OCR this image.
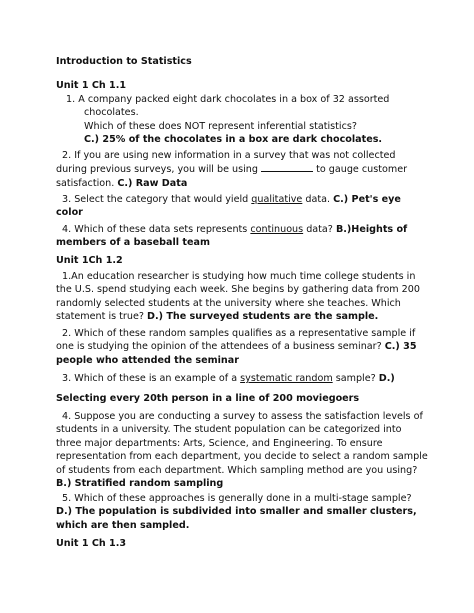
Introduction to Statistics

Unit 1 Ch 1.1

1. A company packed eight dark chocolates in a box of 32 assorted
chocolates.
Which of these does NOT represent inferential statistics?
C.) 25% of the chocolates in a box are dark chocolates.

2. If you are using new information in a survey that was not collected during previous surveys, you will be using	to gauge customer satisfaction. C.) Raw Data

3. Select the category that would yield qualitative data. C.) Pet's eye color

4. Which of these data sets represents continuous data? B.)Heights of members of a baseball team

Unit 1Ch 1.2

1.An education researcher is studying how much time college students in the U.S. spend studying each week. She begins by gathering data from 200 randomly selected students at the university where she teaches. Which statement is true? D.) The surveyed students are the sample.

2. Which of these random samples qualifies as a representative sample if one is studying the opinion of the attendees of a business seminar? C.) 35 people who attended the seminar

3. Which of these is an example of a systematic random sample? D.)

Selecting every 20th person in a line of 200 moviegoers

4. Suppose you are conducting a survey to assess the satisfaction levels of students in a university. The student population can be categorized into three major departments: Arts, Science, and Engineering. To ensure representation from each department, you decide to select a random sample of students from each department. Which sampling method are you using? B.) Stratified random sampling

5. Which of these approaches is generally done in a multi-stage sample? D.) The population is subdivided into smaller and smaller clusters, which are then sampled.

Unit 1 Ch 1.3
